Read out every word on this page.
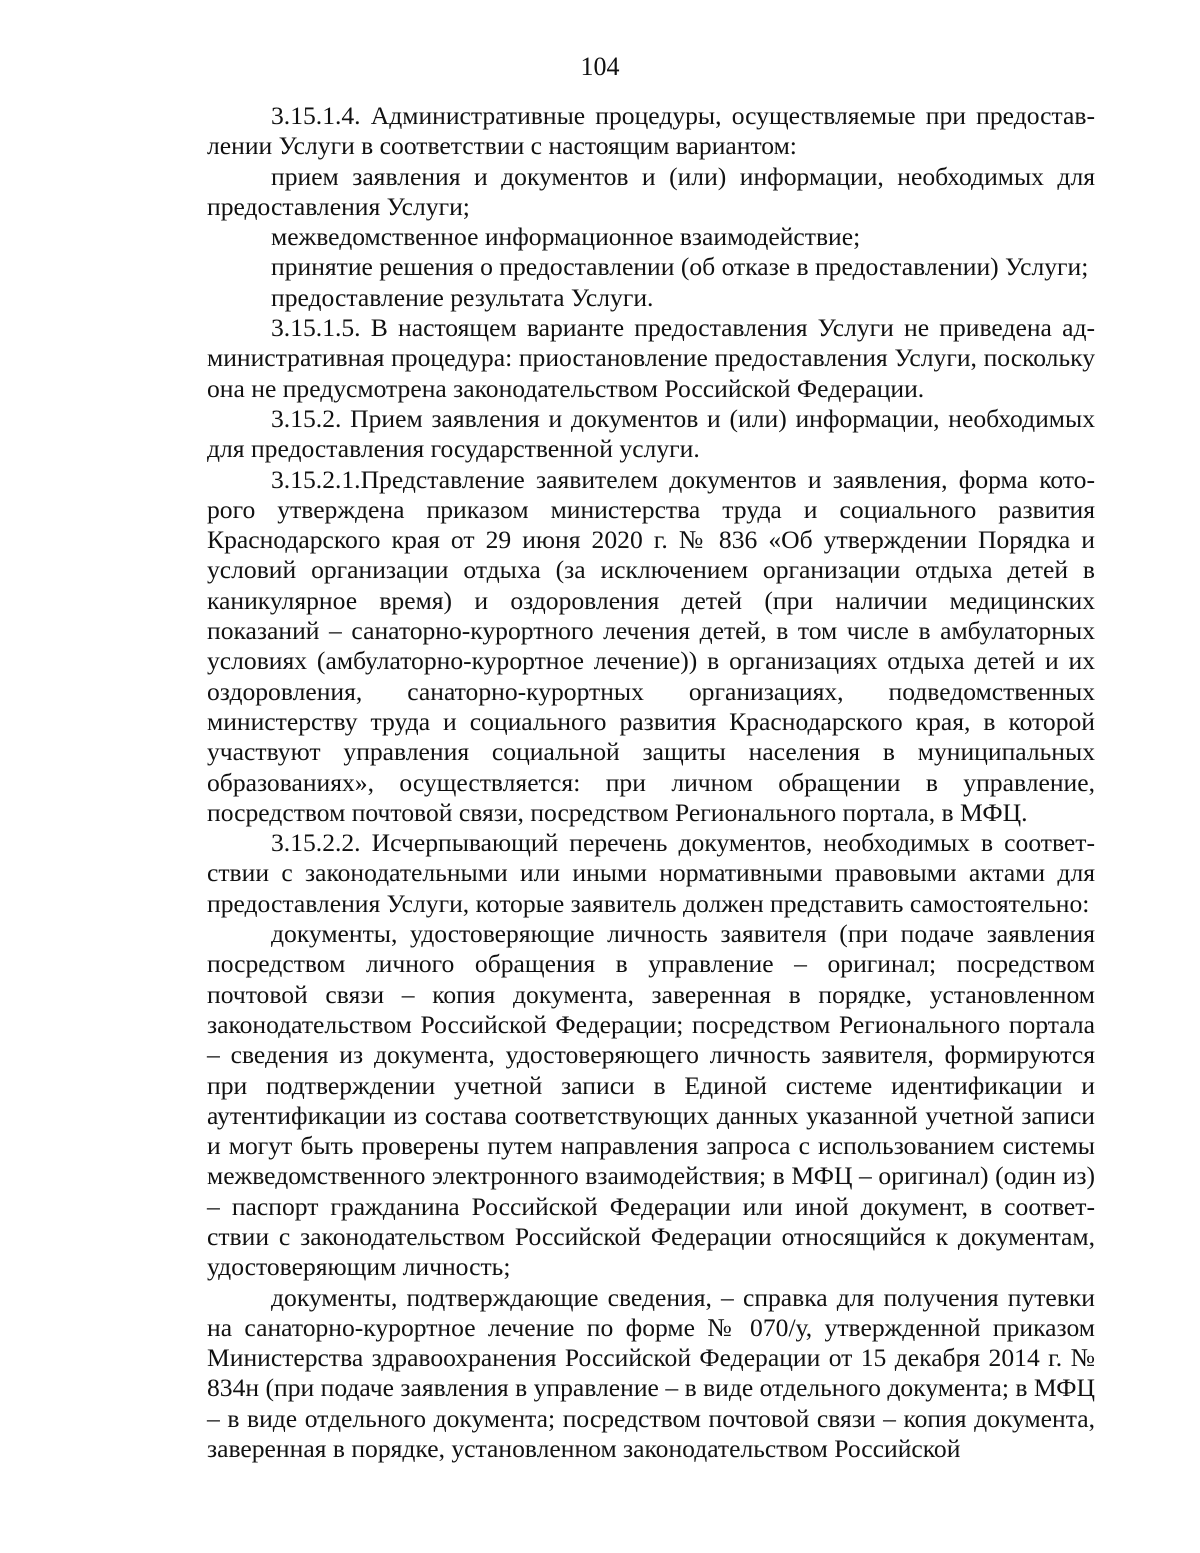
104

3.15.1.4. Административные процедуры, осуществляемые при предоставлении Услуги в соответствии с настоящим вариантом:

прием заявления и документов и (или) информации, необходимых для предоставления Услуги;

межведомственное информационное взаимодействие;

принятие решения о предоставлении (об отказе в предоставлении) Услуги;

предоставление результата Услуги.

3.15.1.5. В настоящем варианте предоставления Услуги не приведена административная процедура: приостановление предоставления Услуги, поскольку она не предусмотрена законодательством Российской Федерации.

3.15.2. Прием заявления и документов и (или) информации, необходимых для предоставления государственной услуги.

3.15.2.1.Представление заявителем документов и заявления, форма которого утверждена приказом министерства труда и социального развития Краснодарского края от 29 июня 2020 г. № 836 «Об утверждении Порядка и условий организации отдыха (за исключением организации отдыха детей в каникулярное время) и оздоровления детей (при наличии медицинских показаний – санаторно-курортного лечения детей, в том числе в амбулаторных условиях (амбулаторно-курортное лечение)) в организациях отдыха детей и их оздоровления, санаторно-курортных организациях, подведомственных министерству труда и социального развития Краснодарского края, в которой участвуют управления социальной защиты населения в муниципальных образованиях», осуществляется: при личном обращении в управление, посредством почтовой связи, посредством Регионального портала, в МФЦ.

3.15.2.2. Исчерпывающий перечень документов, необходимых в соответствии с законодательными или иными нормативными правовыми актами для предоставления Услуги, которые заявитель должен представить самостоятельно:

документы, удостоверяющие личность заявителя (при подаче заявления посредством личного обращения в управление – оригинал; посредством почтовой связи – копия документа, заверенная в порядке, установленном законодательством Российской Федерации; посредством Регионального портала – сведения из документа, удостоверяющего личность заявителя, формируются при подтверждении учетной записи в Единой системе идентификации и аутентификации из состава соответствующих данных указанной учетной записи и могут быть проверены путем направления запроса с использованием системы межведомственного электронного взаимодействия; в МФЦ – оригинал) (один из) – паспорт гражданина Российской Федерации или иной документ, в соответствии с законодательством Российской Федерации относящийся к документам, удостоверяющим личность;

документы, подтверждающие сведения, – справка для получения путевки на санаторно-курортное лечение по форме № 070/у, утвержденной приказом Министерства здравоохранения Российской Федерации от 15 декабря 2014 г. № 834н (при подаче заявления в управление – в виде отдельного документа; в МФЦ – в виде отдельного документа; посредством почтовой связи – копия документа, заверенная в порядке, установленном законодательством Российской
